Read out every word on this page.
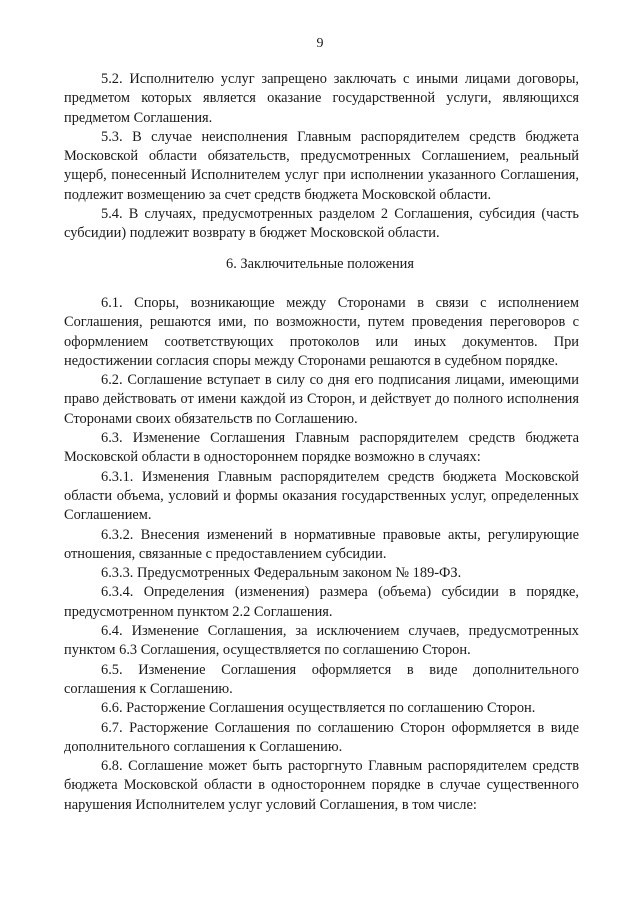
9

5.2. Исполнителю услуг запрещено заключать с иными лицами договоры, предметом которых является оказание государственной услуги, являющихся предметом Соглашения.

5.3. В случае неисполнения Главным распорядителем средств бюджета Московской области обязательств, предусмотренных Соглашением, реальный ущерб, понесенный Исполнителем услуг при исполнении указанного Соглашения, подлежит возмещению за счет средств бюджета Московской области.

5.4. В случаях, предусмотренных разделом 2 Соглашения, субсидия (часть субсидии) подлежит возврату в бюджет Московской области.

6. Заключительные положения

6.1. Споры, возникающие между Сторонами в связи с исполнением Соглашения, решаются ими, по возможности, путем проведения переговоров с оформлением соответствующих протоколов или иных документов. При недостижении согласия споры между Сторонами решаются в судебном порядке.

6.2. Соглашение вступает в силу со дня его подписания лицами, имеющими право действовать от имени каждой из Сторон, и действует до полного исполнения Сторонами своих обязательств по Соглашению.

6.3. Изменение Соглашения Главным распорядителем средств бюджета Московской области в одностороннем порядке возможно в случаях:

6.3.1. Изменения Главным распорядителем средств бюджета Московской области объема, условий и формы оказания государственных услуг, определенных Соглашением.

6.3.2. Внесения изменений в нормативные правовые акты, регулирующие отношения, связанные с предоставлением субсидии.

6.3.3. Предусмотренных Федеральным законом № 189-ФЗ.

6.3.4. Определения (изменения) размера (объема) субсидии в порядке, предусмотренном пунктом 2.2 Соглашения.

6.4. Изменение Соглашения, за исключением случаев, предусмотренных пунктом 6.3 Соглашения, осуществляется по соглашению Сторон.

6.5. Изменение Соглашения оформляется в виде дополнительного соглашения к Соглашению.

6.6. Расторжение Соглашения осуществляется по соглашению Сторон.

6.7. Расторжение Соглашения по соглашению Сторон оформляется в виде дополнительного соглашения к Соглашению.

6.8. Соглашение может быть расторгнуто Главным распорядителем средств бюджета Московской области в одностороннем порядке в случае существенного нарушения Исполнителем услуг условий Соглашения, в том числе:
